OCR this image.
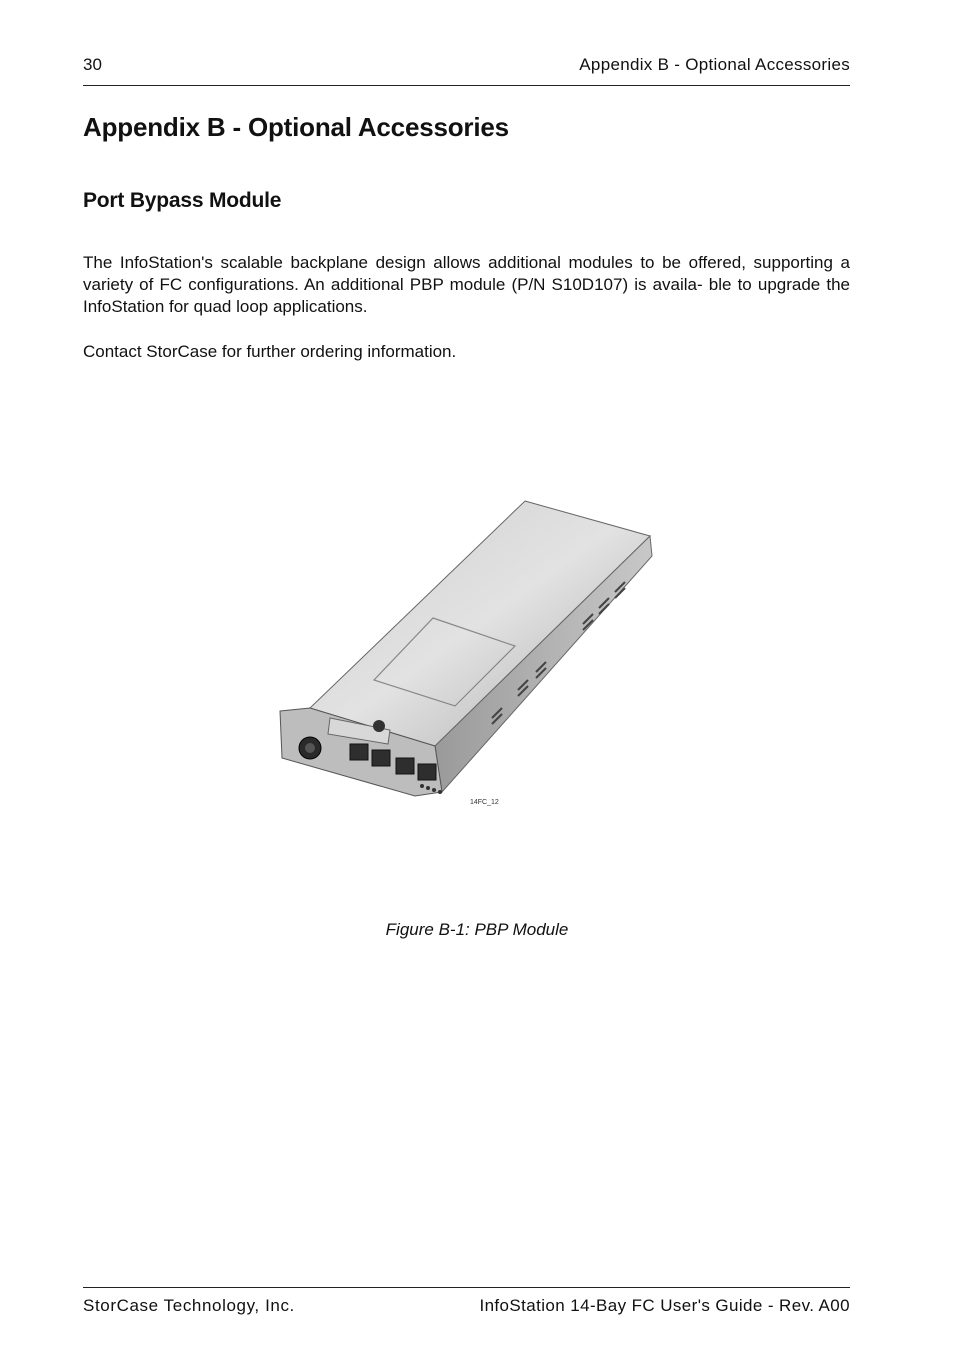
30	Appendix B - Optional Accessories
Appendix B - Optional Accessories
Port Bypass Module

The InfoStation's scalable backplane design allows additional modules to be offered, supporting a variety of FC configurations. An additional PBP module (P/N S10D107) is availa- ble to upgrade the InfoStation for quad loop applications.

Contact StorCase for further ordering information.

14FC_12
Figure B-1: PBP Module
StorCase Technology, Inc.	InfoStation 14-Bay FC User's Guide - Rev. A00
